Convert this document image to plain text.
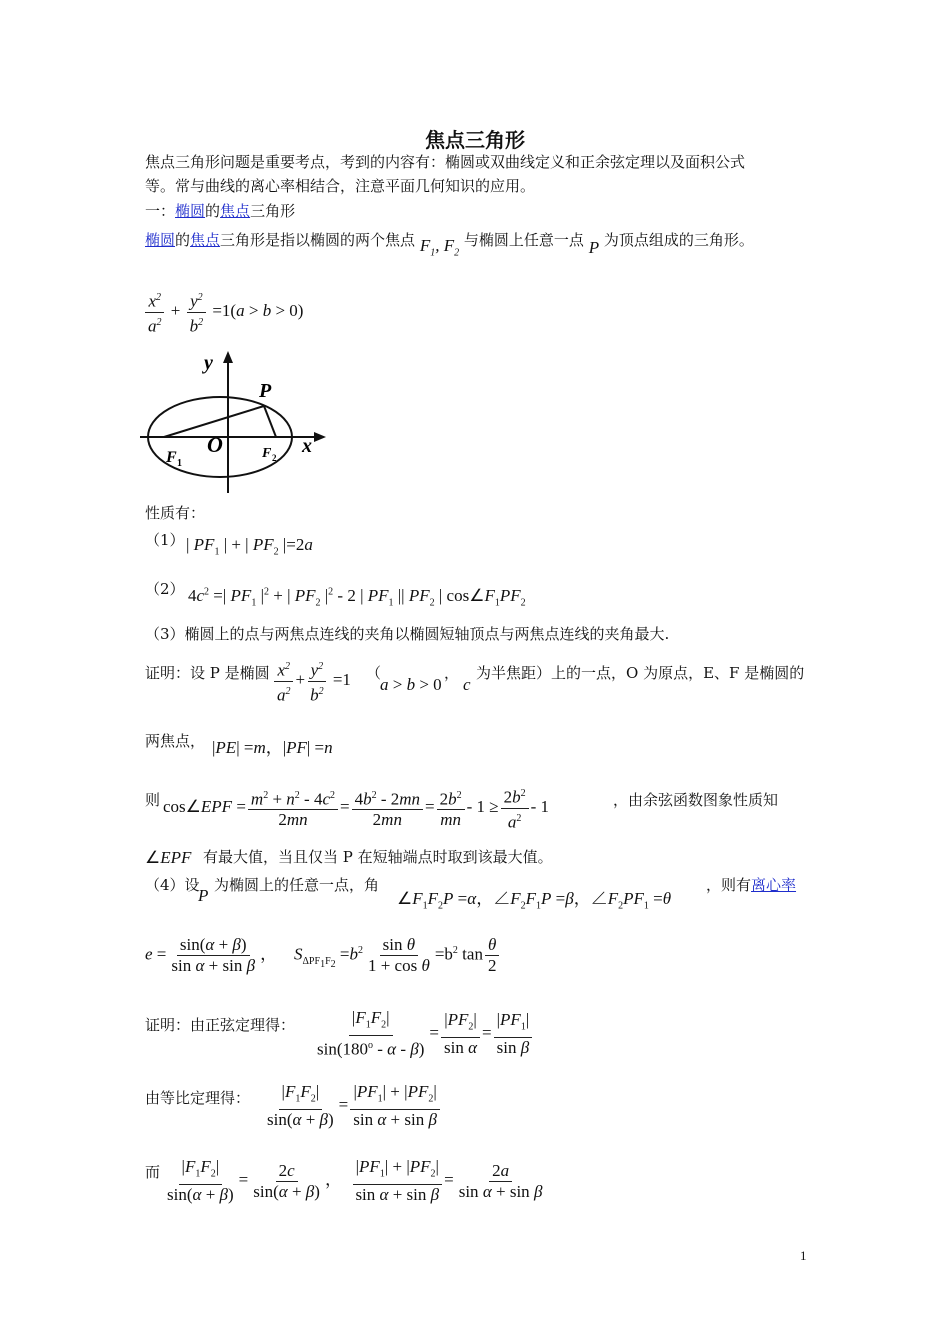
焦点三角形
焦点三角形问题是重要考点，考到的内容有：椭圆或双曲线定义和正余弦定理以及面积公式
等。常与曲线的离心率相结合，注意平面几何知识的应用。
一：椭圆的焦点三角形
椭圆的焦点三角形是指以椭圆的两个焦点 $F_1$, $F_2$ 与椭圆上任意一点 P 为顶点组成的三角形。
$\frac{x^2}{a^2} + \frac{y^2}{b^2} =1(a > b > 0)$
y
x
P
O
F 1
F 2
性质有：
（1） | $PF_1$ | + | $PF_2$ |=2a
（2） $4c^2$ =| $PF_1$ $|^2$ + | $PF_2$ $|^2 - 2$ | $PF_1$ || $PF_2$ | $\cos\angle F_1PF_2$
（3）椭圆上的点与两焦点连线的夹角以椭圆短轴顶点与两焦点连线的夹角最大.
证明：设 P 是椭圆 $\frac{x^2}{a^2} + \frac{y^2}{b^2} =1$ （
a > b > 0
，
c
为半焦距）上的一点，O 为原点，E、F 是椭圆的
两焦点， |PE| =m，|PF| =n
则 cos∠EPF = $\frac{m^2 + n^2 - 4c^2}{2mn} = \frac{4b^2 - 2mn}{2mn} = \frac{2b^2}{mn} - 1 \ge \frac{2b^2}{a^2} - 1$	，由余弦函数图象性质知
∠EPF 有最大值，当且仅当 P 在短轴端点时取到该最大值。
（4）设
P
为椭圆上的任意一点，角
$\angle F_1F_2P =\alpha$，$\angle F_2F_1P =\beta$，$\angle F_2PF_1 =\theta$
，则有离心率
$e = \frac{\sin(\alpha + \beta)}{\text{sin α + sin β}}$ ， $S_{\Delta PF_1F_2} =b^2 \frac{\text{sin θ}}{\text{1 + cos θ}} =b^2$ $\tan \frac{\theta}{2}$
证明：由正弦定理得： $\frac{|F_1F_2|}{\sin(180^o - \alpha - \beta)} = \frac{|PF_2|}{\text{sin α}} = \frac{|PF_1|}{\text{sin β}}$
由等比定理得： $\frac{|F_1F_2|}{\sin(\alpha + \beta)} = \frac{|PF_1| + |PF_2|}{\text{sin α + sin β}}$
而 $\frac{|F_1F_2|}{\sin(\alpha + \beta)} = \frac{2c}{\sin(\alpha + \beta)}$ ， $\frac{|PF_1| + |PF_2|}{\text{sin α + sin β}} = \frac{2a}{\text{sin α + sin β}}$
1
